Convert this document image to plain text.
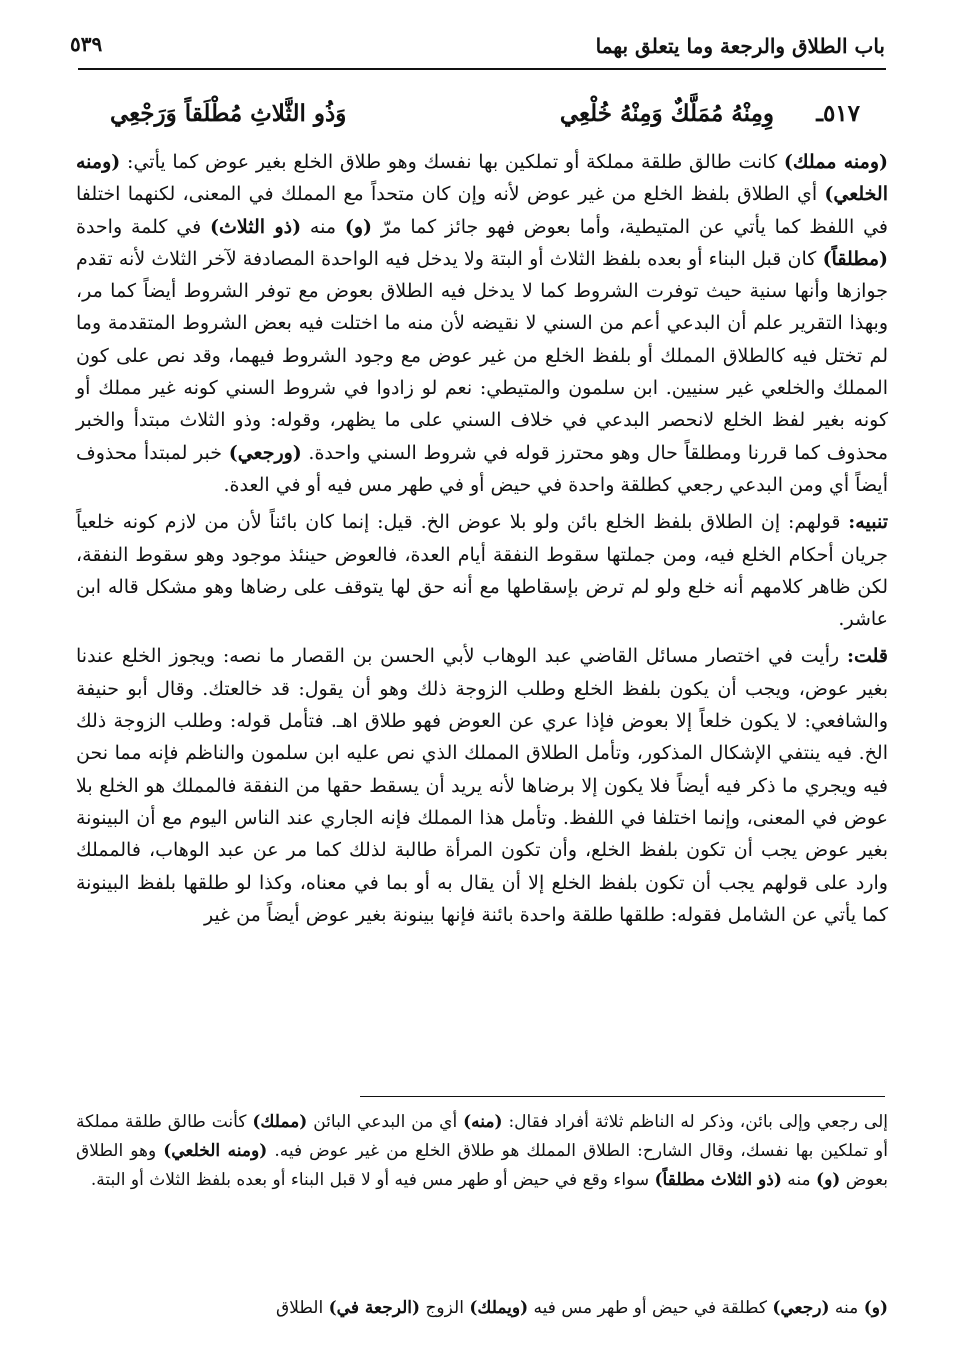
باب الطلاق والرجعة وما يتعلق بهما
٥٣٩
٥١٧ـ
وِمِنْهُ مُمَلَّكٌ وَمِنْهُ خُلْعِي
وَذُو الثَّلاثِ مُطْلَقاً وَرَجْعِي

(ومنه مملك) كانت طالق طلقة مملكة أو تملكين بها نفسك وهو طلاق الخلع بغير عوض كما يأتي: (ومنه الخلعي) أي الطلاق بلفظ الخلع من غير عوض لأنه وإن كان متحداً مع المملك في المعنى، لكنهما اختلفا في اللفظ كما يأتي عن المتيطية، وأما بعوض فهو جائز كما مرّ (و) منه (ذو الثلاث) في كلمة واحدة (مطلقاً) كان قبل البناء أو بعده بلفظ الثلاث أو البتة ولا يدخل فيه الواحدة المصادفة لآخر الثلاث لأنه تقدم جوازها وأنها سنية حيث توفرت الشروط كما لا يدخل فيه الطلاق بعوض مع توفر الشروط أيضاً كما مر، وبهذا التقرير علم أن البدعي أعم من السني لا نقيضه لأن منه ما اختلت فيه بعض الشروط المتقدمة وما لم تختل فيه كالطلاق المملك أو بلفظ الخلع من غير عوض مع وجود الشروط فيهما، وقد نص على كون المملك والخلعي غير سنيين. ابن سلمون والمتيطي: نعم لو زادوا في شروط السني كونه غير مملك أو كونه بغير لفظ الخلع لانحصر البدعي في خلاف السني على ما يظهر، وقوله: وذو الثلاث مبتدأ والخبر محذوف كما قررنا ومطلقاً حال وهو محترز قوله في شروط السني واحدة. (ورجعي) خبر لمبتدأ محذوف أيضاً أي ومن البدعي رجعي كطلقة واحدة في حيض أو في طهر مس فيه أو في العدة.

تنبيه: قولهم: إن الطلاق بلفظ الخلع بائن ولو بلا عوض الخ. قيل: إنما كان بائناً لأن من لازم كونه خلعياً جريان أحكام الخلع فيه، ومن جملتها سقوط النفقة أيام العدة، فالعوض حينئذ موجود وهو سقوط النفقة، لكن ظاهر كلامهم أنه خلع ولو لم ترض بإسقاطها مع أنه حق لها يتوقف على رضاها وهو مشكل قاله ابن عاشر.

قلت: رأيت في اختصار مسائل القاضي عبد الوهاب لأبي الحسن بن القصار ما نصه: ويجوز الخلع عندنا بغير عوض، ويجب أن يكون بلفظ الخلع وطلب الزوجة ذلك وهو أن يقول: قد خالعتك. وقال أبو حنيفة والشافعي: لا يكون خلعاً إلا بعوض فإذا عري عن العوض فهو طلاق اهـ. فتأمل قوله: وطلب الزوجة ذلك الخ. فيه ينتفي الإشكال المذكور، وتأمل الطلاق المملك الذي نص عليه ابن سلمون والناظم فإنه مما نحن فيه ويجري ما ذكر فيه أيضاً فلا يكون إلا برضاها لأنه يريد أن يسقط حقها من النفقة فالمملك هو الخلع بلا عوض في المعنى، وإنما اختلفا في اللفظ. وتأمل هذا المملك فإنه الجاري عند الناس اليوم مع أن البينونة بغير عوض يجب أن تكون بلفظ الخلع، وأن تكون المرأة طالبة لذلك كما مر عن عبد الوهاب، فالمملك وارد على قولهم يجب أن تكون بلفظ الخلع إلا أن يقال به أو بما في معناه، وكذا لو طلقها بلفظ البينونة كما يأتي عن الشامل فقوله: طلقها طلقة واحدة بائنة فإنها بينونة بغير عوض أيضاً من غير

إلى رجعي وإلى بائن، وذكر له الناظم ثلاثة أفراد فقال: (منه) أي من البدعي البائن (مملك) كأنت طالق طلقة مملكة أو تملكين بها نفسك، وقال الشارح: الطلاق المملك هو طلاق الخلع من غير عوض فيه. (ومنه الخلعي) وهو الطلاق بعوض (و) منه (ذو الثلاث مطلقاً) سواء وقع في حيض أو طهر مس فيه أو لا قبل البناء أو بعده بلفظ الثلاث أو البتة.
(و) منه (رجعي) كطلقة في حيض أو طهر مس فيه (ويملك) الزوج (الرجعة في) الطلاق
